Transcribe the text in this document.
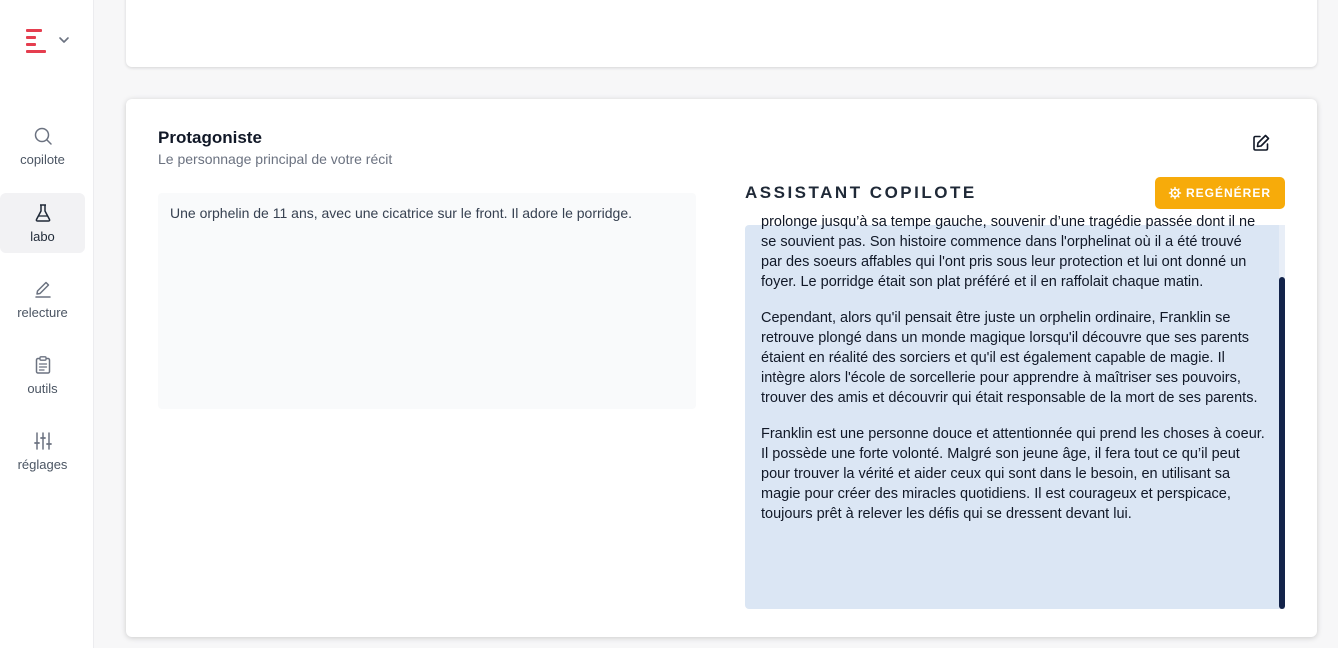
copilote
labo
relecture
outils
réglages
Protagoniste

Le personnage principal de votre récit

Une orphelin de 11 ans, avec une cicatrice sur le front. Il adore le porridge.
ASSISTANT COPILOTE	REGÉNÉRER

prolonge jusqu’à sa tempe gauche, souvenir d’une tragédie passée dont il ne se souvient pas. Son histoire commence dans l'orphelinat où il a été trouvé par des soeurs affables qui l'ont pris sous leur protection et lui ont donné un foyer. Le porridge était son plat préféré et il en raffolait chaque matin.

Cependant, alors qu'il pensait être juste un orphelin ordinaire, Franklin se retrouve plongé dans un monde magique lorsqu'il découvre que ses parents étaient en réalité des sorciers et qu'il est également capable de magie. Il intègre alors l'école de sorcellerie pour apprendre à maîtriser ses pouvoirs, trouver des amis et découvrir qui était responsable de la mort de ses parents.

Franklin est une personne douce et attentionnée qui prend les choses à coeur. Il possède une forte volonté. Malgré son jeune âge, il fera tout ce qu’il peut pour trouver la vérité et aider ceux qui sont dans le besoin, en utilisant sa magie pour créer des miracles quotidiens. Il est courageux et perspicace, toujours prêt à relever les défis qui se dressent devant lui.
